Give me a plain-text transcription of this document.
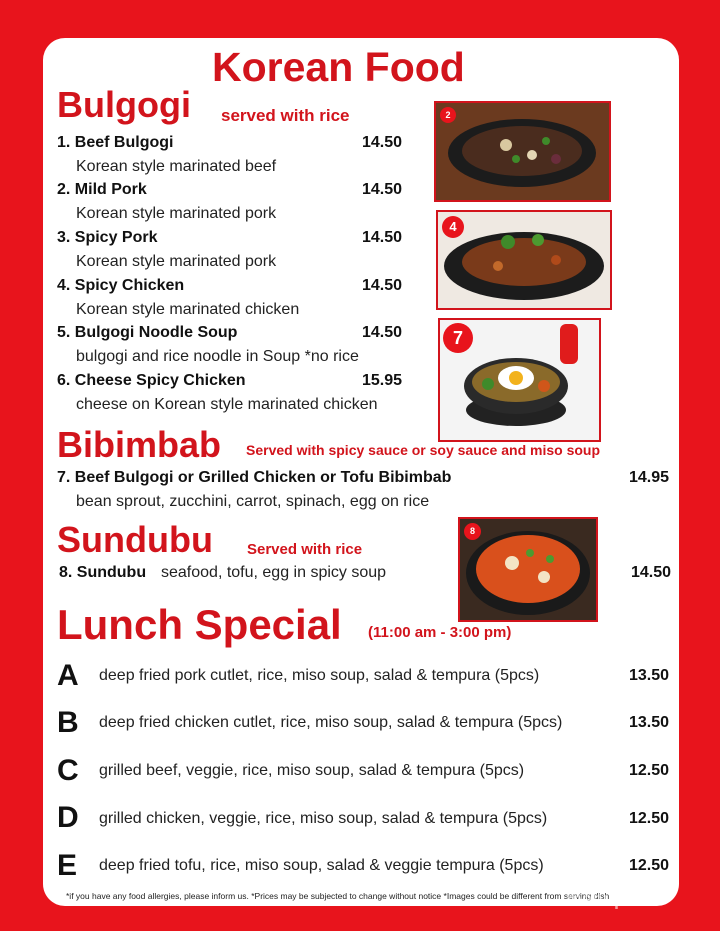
Korean Food
Bulgogi served with rice
1. Beef Bulgogi	14.50
Korean style marinated beef
2. Mild Pork	14.50
Korean style marinated pork
3. Spicy Pork	14.50
Korean style marinated pork
4. Spicy Chicken	14.50
Korean style marinated chicken
5. Bulgogi Noodle Soup	14.50
bulgogi and rice noodle in Soup *no rice
6. Cheese Spicy Chicken	15.95
cheese on Korean style marinated chicken
2
4
7
8
Bibimbab Served with spicy sauce or soy sauce and miso soup
7. Beef Bulgogi or Grilled Chicken or Tofu Bibimbab	14.95
bean sprout, zucchini, carrot, spinach, egg on rice
Sundubu Served with rice
8. Sundubu seafood, tofu, egg in spicy soup	14.50
Lunch Special (11:00 am - 3:00 pm)
A deep fried pork cutlet, rice, miso soup, salad & tempura (5pcs)	13.50
B deep fried chicken cutlet, rice, miso soup, salad & tempura (5pcs)	13.50
C grilled beef, veggie, rice, miso soup, salad & tempura (5pcs)	12.50
D grilled chicken, veggie, rice, miso soup, salad & tempura (5pcs)	12.50
E deep fried tofu, rice, miso soup, salad & veggie tempura (5pcs)	12.50
*if you have any food allergies, please inform us. *Prices may be subjected to change without notice *Images could be different from serving dish
menupix
